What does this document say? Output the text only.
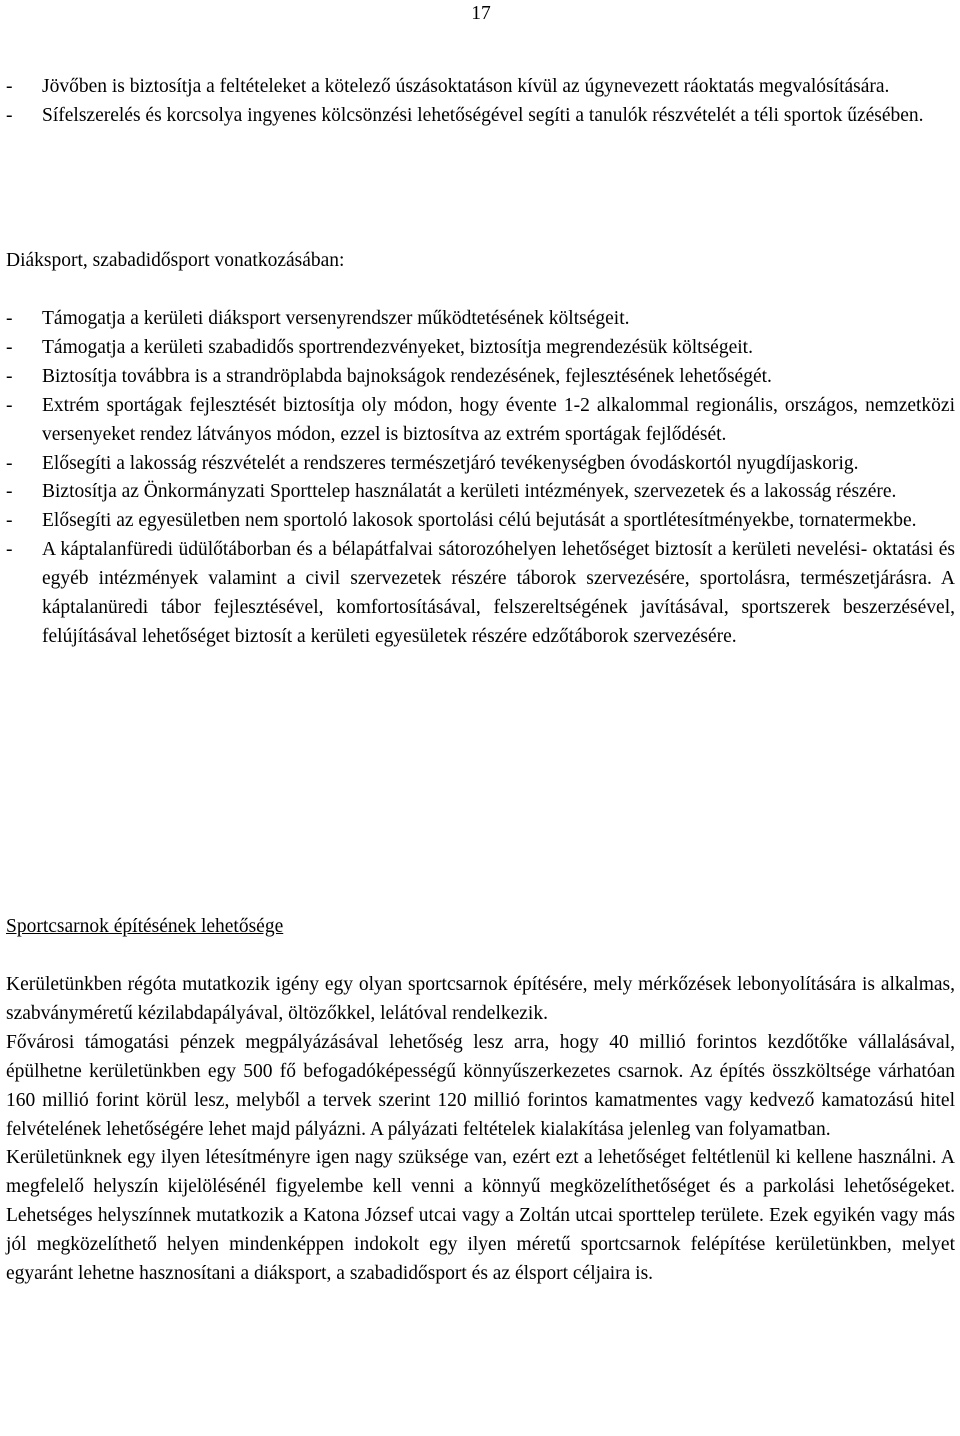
17
-	Jövőben is biztosítja a feltételeket a kötelező úszásoktatáson kívül az úgynevezett ráoktatás megvalósítására.
-	Sífelszerelés és korcsolya ingyenes kölcsönzési lehetőségével segíti a tanulók részvételét a téli sportok űzésében.

Diáksport, szabadidősport vonatkozásában:

-	Támogatja a kerületi diáksport versenyrendszer működtetésének költségeit.
-	Támogatja a kerületi szabadidős sportrendezvényeket, biztosítja megrendezésük költségeit.
-	Biztosítja továbbra is a strandröplabda bajnokságok rendezésének, fejlesztésének lehetőségét.
-	Extrém sportágak fejlesztését biztosítja oly módon, hogy évente 1-2 alkalommal regionális, országos, nemzetközi versenyeket rendez látványos módon, ezzel is biztosítva az extrém sportágak fejlődését.
-	Elősegíti a lakosság részvételét a rendszeres természetjáró tevékenységben óvodáskortól nyugdíjaskorig.
-	Biztosítja az Önkormányzati Sporttelep használatát a kerületi intézmények, szervezetek és a lakosság részére.
-	Elősegíti az egyesületben nem sportoló lakosok sportolási célú bejutását a sportlétesítményekbe, tornatermekbe.
-	A káptalanfüredi üdülőtáborban és a bélapátfalvai sátorozóhelyen lehetőséget biztosít a kerületi nevelési- oktatási és egyéb intézmények valamint a civil szervezetek részére táborok szervezésére, sportolásra, természetjárásra. A káptalanüredi tábor fejlesztésével, komfortosításával, felszereltségének javításával, sportszerek beszerzésével, felújításával lehetőséget biztosít a kerületi egyesületek részére edzőtáborok szervezésére.

Sportcsarnok építésének lehetősége

Kerületünkben régóta mutatkozik igény egy olyan sportcsarnok építésére, mely mérkőzések lebonyolítására is alkalmas, szabványméretű kézilabdapályával, öltözőkkel, lelátóval rendelkezik.

Fővárosi támogatási pénzek megpályázásával lehetőség lesz arra, hogy 40 millió forintos kezdőtőke vállalásával, épülhetne kerületünkben egy 500 fő befogadóképességű könnyűszerkezetes csarnok. Az építés összköltsége várhatóan 160 millió forint körül lesz, melyből a tervek szerint 120 millió forintos kamatmentes vagy kedvező kamatozású hitel felvételének lehetőségére lehet majd pályázni. A pályázati feltételek kialakítása jelenleg van folyamatban.

Kerületünknek egy ilyen létesítményre igen nagy szüksége van, ezért ezt a lehetőséget feltétlenül ki kellene használni. A megfelelő helyszín kijelölésénél figyelembe kell venni a könnyű megközelíthetőséget és a parkolási lehetőségeket. Lehetséges helyszínnek mutatkozik a Katona József utcai vagy a Zoltán utcai sporttelep területe. Ezek egyikén vagy más jól megközelíthető helyen mindenképpen indokolt egy ilyen méretű sportcsarnok felépítése kerületünkben, melyet egyaránt lehetne hasznosítani a diáksport, a szabadidősport és az élsport céljaira is.
